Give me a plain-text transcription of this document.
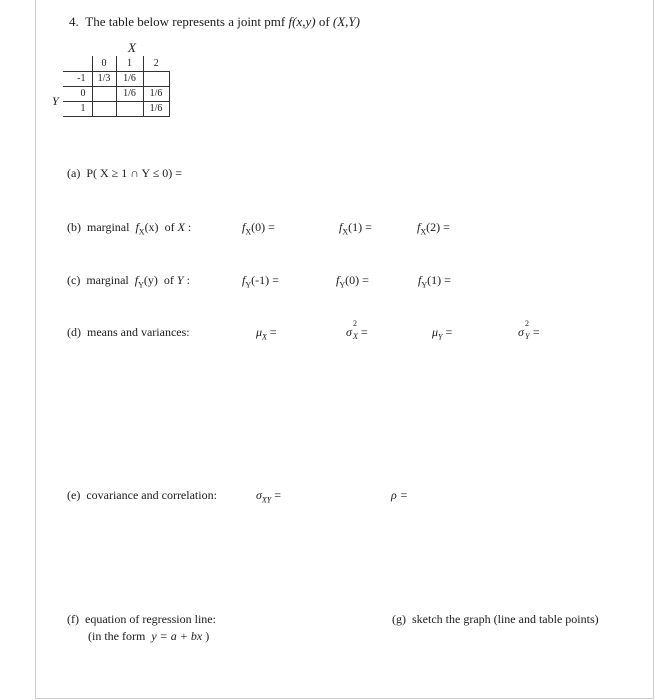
4. The table below represents a joint pmf f(x,y) of (X,Y)
X
Y
	0	1	2
-1	1/3	1/6	
0		1/6	1/6
1			1/6
(a) P( X ≥ 1 ∩ Y ≤ 0) =
(b) marginal $f_X(x)$ of X :	$f_X(0)$ =	$f_X(1)$ =	$f_X(2)$ =
(c) marginal $f_Y(y)$ of Y :	$f_Y(-1)$ =	$f_Y(0)$ =	$f_Y(1)$ =
(d) means and variances:	$\mu_X$ =	σ
2
X =	$\mu_Y$ =	σ
2
Y =
(e) covariance and correlation:	$\sigma_{XY}$ =	ρ =
(f) equation of regression line:
(in the form y = a + bx )
(g) sketch the graph (line and table points)
